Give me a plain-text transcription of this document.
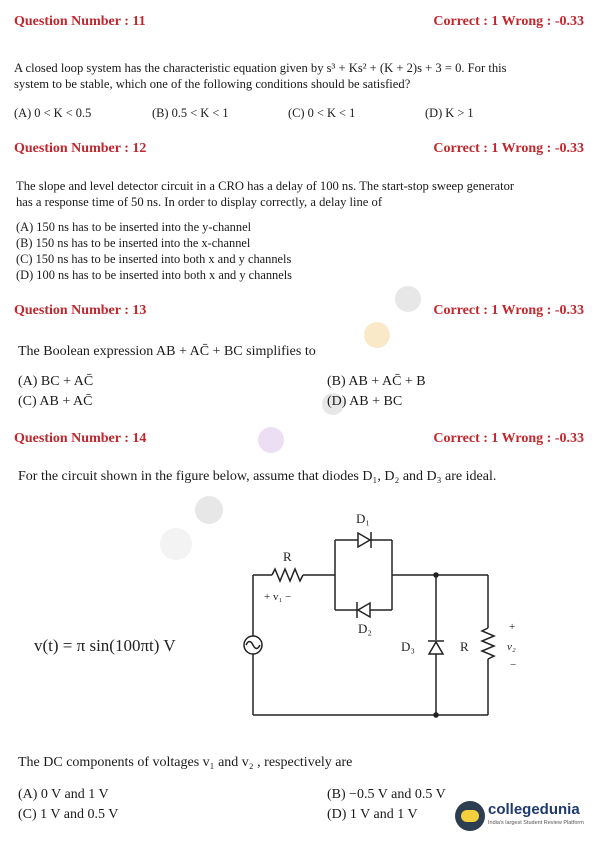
Question Number : 11	Correct : 1 Wrong : -0.33
A closed loop system has the characteristic equation given by s³ + Ks² + (K + 2)s + 3 = 0. For this
system to be stable, which one of the following conditions should be satisfied?
(A) 0 < K < 0.5	(B) 0.5 < K < 1	(C) 0 < K < 1	(D) K > 1
Question Number : 12	Correct : 1 Wrong : -0.33
The slope and level detector circuit in a CRO has a delay of 100 ns. The start-stop sweep generator
has a response time of 50 ns. In order to display correctly, a delay line of
(A) 150 ns has to be inserted into the y-channel
(B) 150 ns has to be inserted into the x-channel
(C) 150 ns has to be inserted into both x and y channels
(D) 100 ns has to be inserted into both x and y channels
Question Number : 13	Correct : 1 Wrong : -0.33
The Boolean expression AB + AC̄ + BC simplifies to
(A) BC + AC̄	(B) AB + AC̄ + B
(C) AB + AC̄	(D) AB + BC
Question Number : 14	Correct : 1 Wrong : -0.33
For the circuit shown in the figure below, assume that diodes D₁, D₂ and D₃ are ideal.
D₁
D₂
D₃
R
R
+ v₁ −
+
v₂
−
v(t) = π sin(100πt) V
The DC components of voltages v₁ and v₂ , respectively are
(A) 0 V and 1 V	(B) −0.5 V and 0.5 V
(C) 1 V and 0.5 V	(D) 1 V and 1 V	collegedunia
India's largest Student Review Platform
